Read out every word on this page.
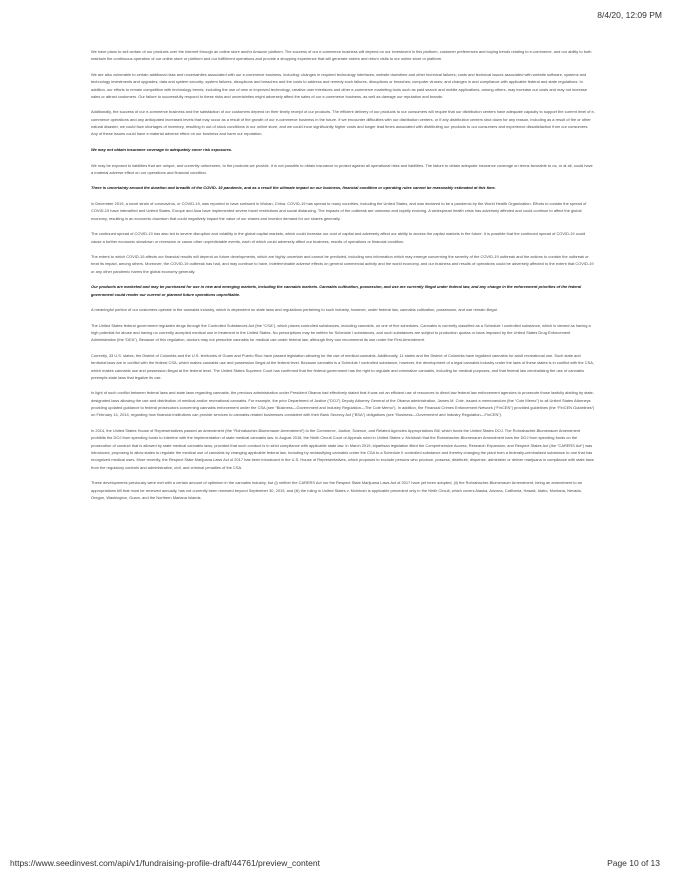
8/4/20, 12:09 PM

We have plans to sell certain of our products over the Internet through an online store and/or Amazon platform. The success of our e-commerce business will depend on our investment in this platform, customer preferences and buying trends relating to e-commerce, and our ability to both maintain the continuous operation of our online store or platform and our fulfillment operations and provide a shopping experience that will generate orders and return visits to our online store or platform.

We are also vulnerable to certain additional risks and uncertainties associated with our e-commerce business, including: changes in required technology interfaces; website downtime and other technical failures; costs and technical issues associated with website software, systems and technology investments and upgrades; data and system security; system failures, disruptions and breaches and the costs to address and remedy such failures, disruptions or breaches; computer viruses; and changes in and compliance with applicable federal and state regulations. In addition, our efforts to remain competitive with technology trends, including the use of new or improved technology, creative user interfaces and other e-commerce marketing tools such as paid search and mobile applications, among others, may increase our costs and may not increase sales or attract customers. Our failure to successfully respond to these risks and uncertainties might adversely affect the sales of our e-commerce business, as well as damage our reputation and brands.

Additionally, the success of our e-commerce business and the satisfaction of our customers depend on their timely receipt of our products. The efficient delivery of our products to our consumers will require that our distribution centers have adequate capacity to support the current level of e-commerce operations and any anticipated increased levels that may occur as a result of the growth of our e-commerce business in the future. If we encounter difficulties with our distribution centers, or if any distribution centers shut down for any reason, including as a result of fire or other natural disaster, we could face shortages of inventory, resulting in out of stock conditions in our online store, and we could incur significantly higher costs and longer lead times associated with distributing our products to our consumers and experience dissatisfaction from our consumers. Any of these issues could have a material adverse effect on our business and harm our reputation.

We may not obtain insurance coverage to adequately cover risk exposures.

We may be exposed to liabilities that are unique, and currently unforeseen, to the products we provide. It is not possible to obtain insurance to protect against all operational risks and liabilities. The failure to obtain adequate insurance coverage on terms favorable to us, or at all, could have a material adverse effect on our operations and financial condition.

There is uncertainty around the duration and breadth of the COVID- 19 pandemic, and as a result the ultimate impact on our business, financial condition or operating rules cannot be reasonably estimated at this time.

In December 2019, a novel strain of coronavirus, or COVID-19, was reported to have surfaced in Wuhan, China. COVID-19 has spread to many countries, including the United States, and was declared to be a pandemic by the World Health Organization. Efforts to contain the spread of COVID-19 have intensified and United States, Europe and Asia have implemented severe travel restrictions and social distancing. The impacts of the outbreak are unknown and rapidly evolving. A widespread health crisis has adversely affected and could continue to affect the global economy, resulting in an economic downturn that could negatively impact the value of our shares and investor demand for our shares generally.

The continued spread of COVID-19 has also led to severe disruption and volatility in the global capital markets, which could increase our cost of capital and adversely affect our ability to access the capital markets in the future. It is possible that the continued spread of COVID-19 could cause a further economic slowdown or recession or cause other unpredictable events, each of which could adversely affect our business, results of operations or financial condition.

The extent to which COVID-19 affects our financial results will depend on future developments, which are highly uncertain and cannot be predicted, including new information which may emerge concerning the severity of the COVID-19 outbreak and the actions to contain the outbreak or treat its impact, among others. Moreover, the COVID-19 outbreak has had, and may continue to have, indeterminable adverse effects on general commercial activity and the world economy, and our business and results of operations could be adversely affected to the extent that COVID-19 or any other pandemic harms the global economy generally.

Our products are marketed and may be purchased for use in new and emerging markets, including the cannabis markets. Cannabis cultivation, possession, and use are currently illegal under federal law, and any change in the enforcement priorities of the federal government could render our current or planned future operations unprofitable.

A meaningful portion of our customers operate in the cannabis industry, which is dependent on state laws and regulations pertaining to such industry, however, under federal law, cannabis cultivation, possession, and use remain illegal.

The United States federal government regulates drugs through the Controlled Substances Act (the “CSA”), which places controlled substances, including cannabis, on one of five schedules. Cannabis is currently classified as a Schedule I controlled substance, which is viewed as having a high potential for abuse and having no currently accepted medical use in treatment in the United States. No prescriptions may be written for Schedule I substances, and such substances are subject to production quotas or bans imposed by the United States Drug Enforcement Administration (the “DEA”). Because of this regulation, doctors may not prescribe cannabis for medical use under federal law, although they can recommend its use under the First Amendment.

Currently, 33 U.S. states, the District of Columbia and the U.S. territories of Guam and Puerto Rico have passed legislation allowing for the use of medical cannabis. Additionally, 11 states and the District of Columbia have legalized cannabis for adult recreational use. Such state and territorial laws are in conflict with the federal CSA, which makes cannabis use and possession illegal at the federal level. Because cannabis is a Schedule I controlled substance, however, the development of a legal cannabis industry under the laws of these states is in conflict with the CSA, which makes cannabis use and possession illegal at the federal level. The United States Supreme Court has confirmed that the federal government has the right to regulate and criminalize cannabis, including for medical purposes, and that federal law criminalizing the use of cannabis preempts state laws that legalize its use.

In light of such conflict between federal laws and state laws regarding cannabis, the previous administration under President Obama had effectively stated that it was not an efficient use of resources to direct law federal law enforcement agencies to prosecute those lawfully abiding by state-designated laws allowing the use and distribution of medical and/or recreational cannabis. For example, the prior Department of Justice (“DOJ”) Deputy Attorney General of the Obama administration, James M. Cole, issued a memorandum (the “Cole Memo”) to all United States Attorneys providing updated guidance to federal prosecutors concerning cannabis enforcement under the CSA (see “Business—Government and Industry Regulation—The Cole Memo”). In addition, the Financial Crimes Enforcement Network (“FinCEN”) provided guidelines (the “FinCEN Guidelines”) on February 14, 2014, regarding how financial institutions can provide services to cannabis-related businesses consistent with their Bank Secrecy Act (“BSA”) obligations (see “Business—Government and Industry Regulation—FinCEN”).

In 2014, the United States House of Representatives passed an amendment (the “Rohrabacher-Blumenauer Amendment”) to the Commerce, Justice, Science, and Related Agencies Appropriations Bill, which funds the United States DOJ. The Rohrabacher-Blumenauer Amendment prohibits the DOJ from spending funds to interfere with the implementation of state medical cannabis law. In August 2016, the Ninth Circuit Court of Appeals ruled in United States v. McIntosh that the Rohrabacher-Blumenauer Amendment bars the DOJ from spending funds on the prosecution of conduct that is allowed by state medical cannabis laws, provided that such conduct is in strict compliance with applicable state law. In March 2019, bipartisan legislation titled the Comprehensive Access, Research Expansion, and Respect States Act (the “CARERS Act”) was introduced, proposing to allow states to regulate the medical use of cannabis by changing applicable federal law, including by reclassifying cannabis under the CSA to a Schedule II controlled substance and thereby changing the plant from a federally-criminalized substance to one that has recognized medical uses. More recently, the Respect State Marijuana Laws Act of 2017 has been introduced in the U.S. House of Representatives, which proposes to exclude persons who produce, possess, distribute, dispense, administer or deliver marijuana in compliance with state laws from the regulatory controls and administrative, civil, and criminal penalties of the CSA.

These developments previously were met with a certain amount of optimism in the cannabis industry, but (i) neither the CARERS Act nor the Respect State Marijuana Laws Act of 2017 have yet been adopted, (ii) the Rohrabacher-Blumenauer Amendment, being an amendment to an appropriations bill that must be renewed annually, has not currently been renewed beyond September 30, 2019, and (iii) the ruling in United States v. McIntosh is applicable precedent only in the Ninth Circuit, which covers Alaska, Arizona, California, Hawaii, Idaho, Montana, Nevada, Oregon, Washington, Guam, and the Northern Mariana Islands.

https://www.seedinvest.com/api/v1/fundraising-profile-draft/44761/preview_content	Page 10 of 13
